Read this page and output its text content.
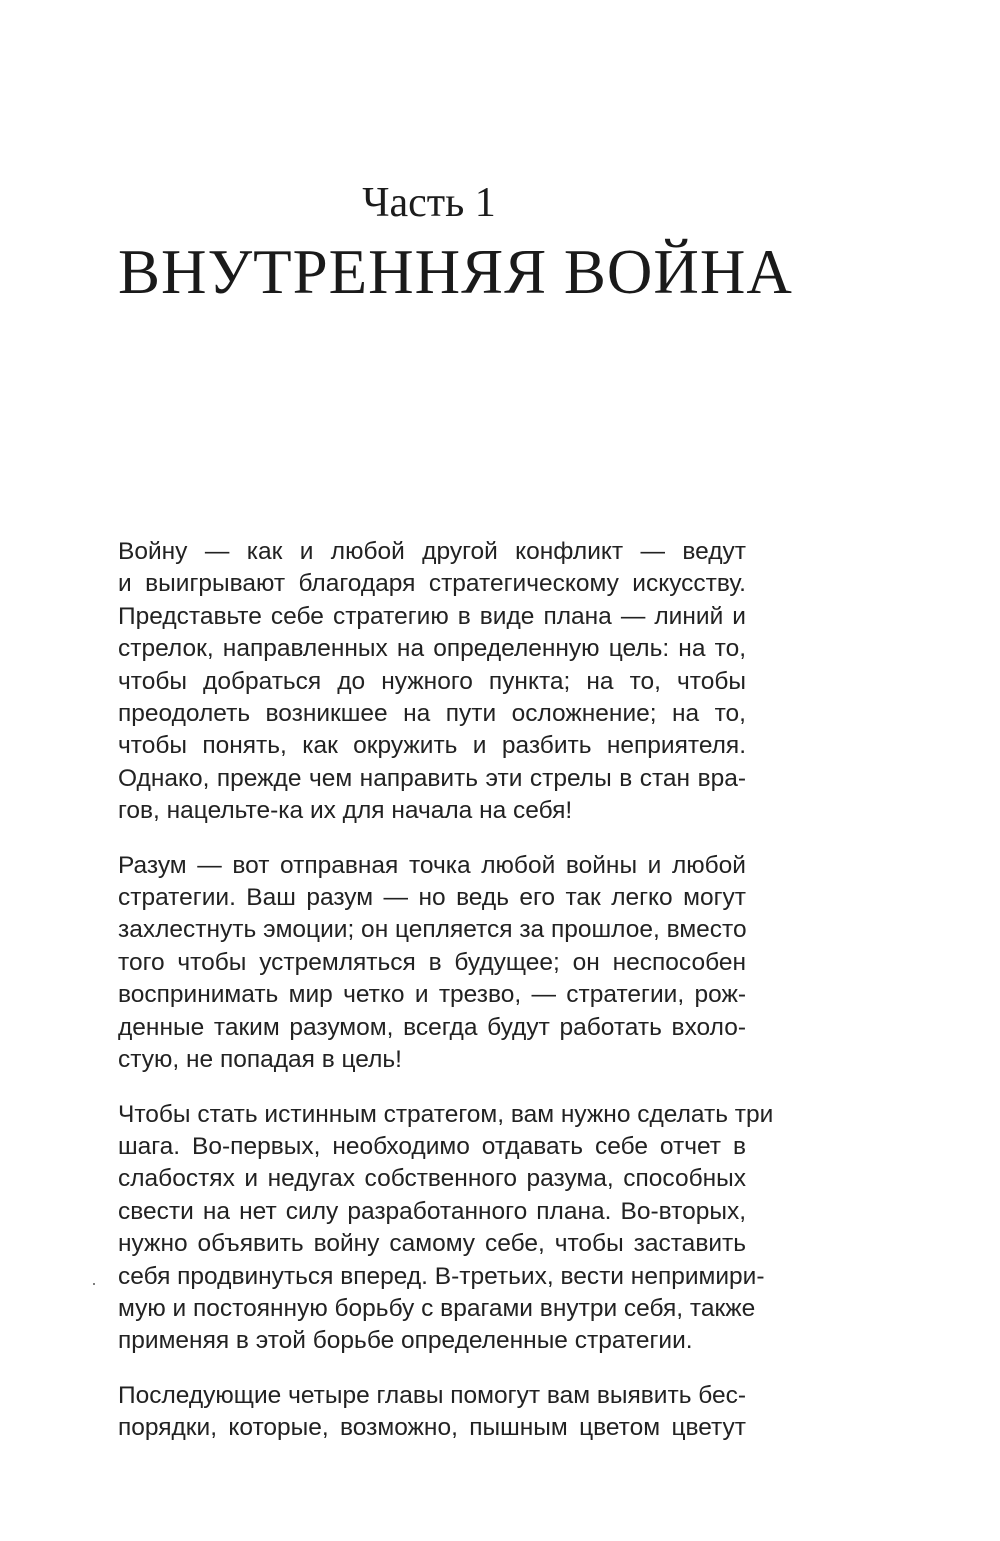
Часть 1
ВНУТРЕННЯЯ ВОЙНА

Войну — как и любой другой конфликт — ведут
и выигрывают благодаря стратегическому искусству.
Представьте себе стратегию в виде плана — линий и
стрелок, направленных на определенную цель: на то,
чтобы добраться до нужного пункта; на то, чтобы
преодолеть возникшее на пути осложнение; на то,
чтобы понять, как окружить и разбить неприятеля.
Однако, прежде чем направить эти стрелы в стан вра-
гов, нацельте-ка их для начала на себя!

Разум — вот отправная точка любой войны и любой
стратегии. Ваш разум — но ведь его так легко могут
захлестнуть эмоции; он цепляется за прошлое, вместо
того чтобы устремляться в будущее; он неспособен
воспринимать мир четко и трезво, — стратегии, рож-
денные таким разумом, всегда будут работать вхоло-
стую, не попадая в цель!

Чтобы стать истинным стратегом, вам нужно сделать три
шага. Во-первых, необходимо отдавать себе отчет в
слабостях и недугах собственного разума, способных
свести на нет силу разработанного плана. Во-вторых,
нужно объявить войну самому себе, чтобы заставить
себя продвинуться вперед. В-третьих, вести непримири-
мую и постоянную борьбу с врагами внутри себя, также
применяя в этой борьбе определенные стратегии.

Последующие четыре главы помогут вам выявить бес-
порядки, которые, возможно, пышным цветом цветут
